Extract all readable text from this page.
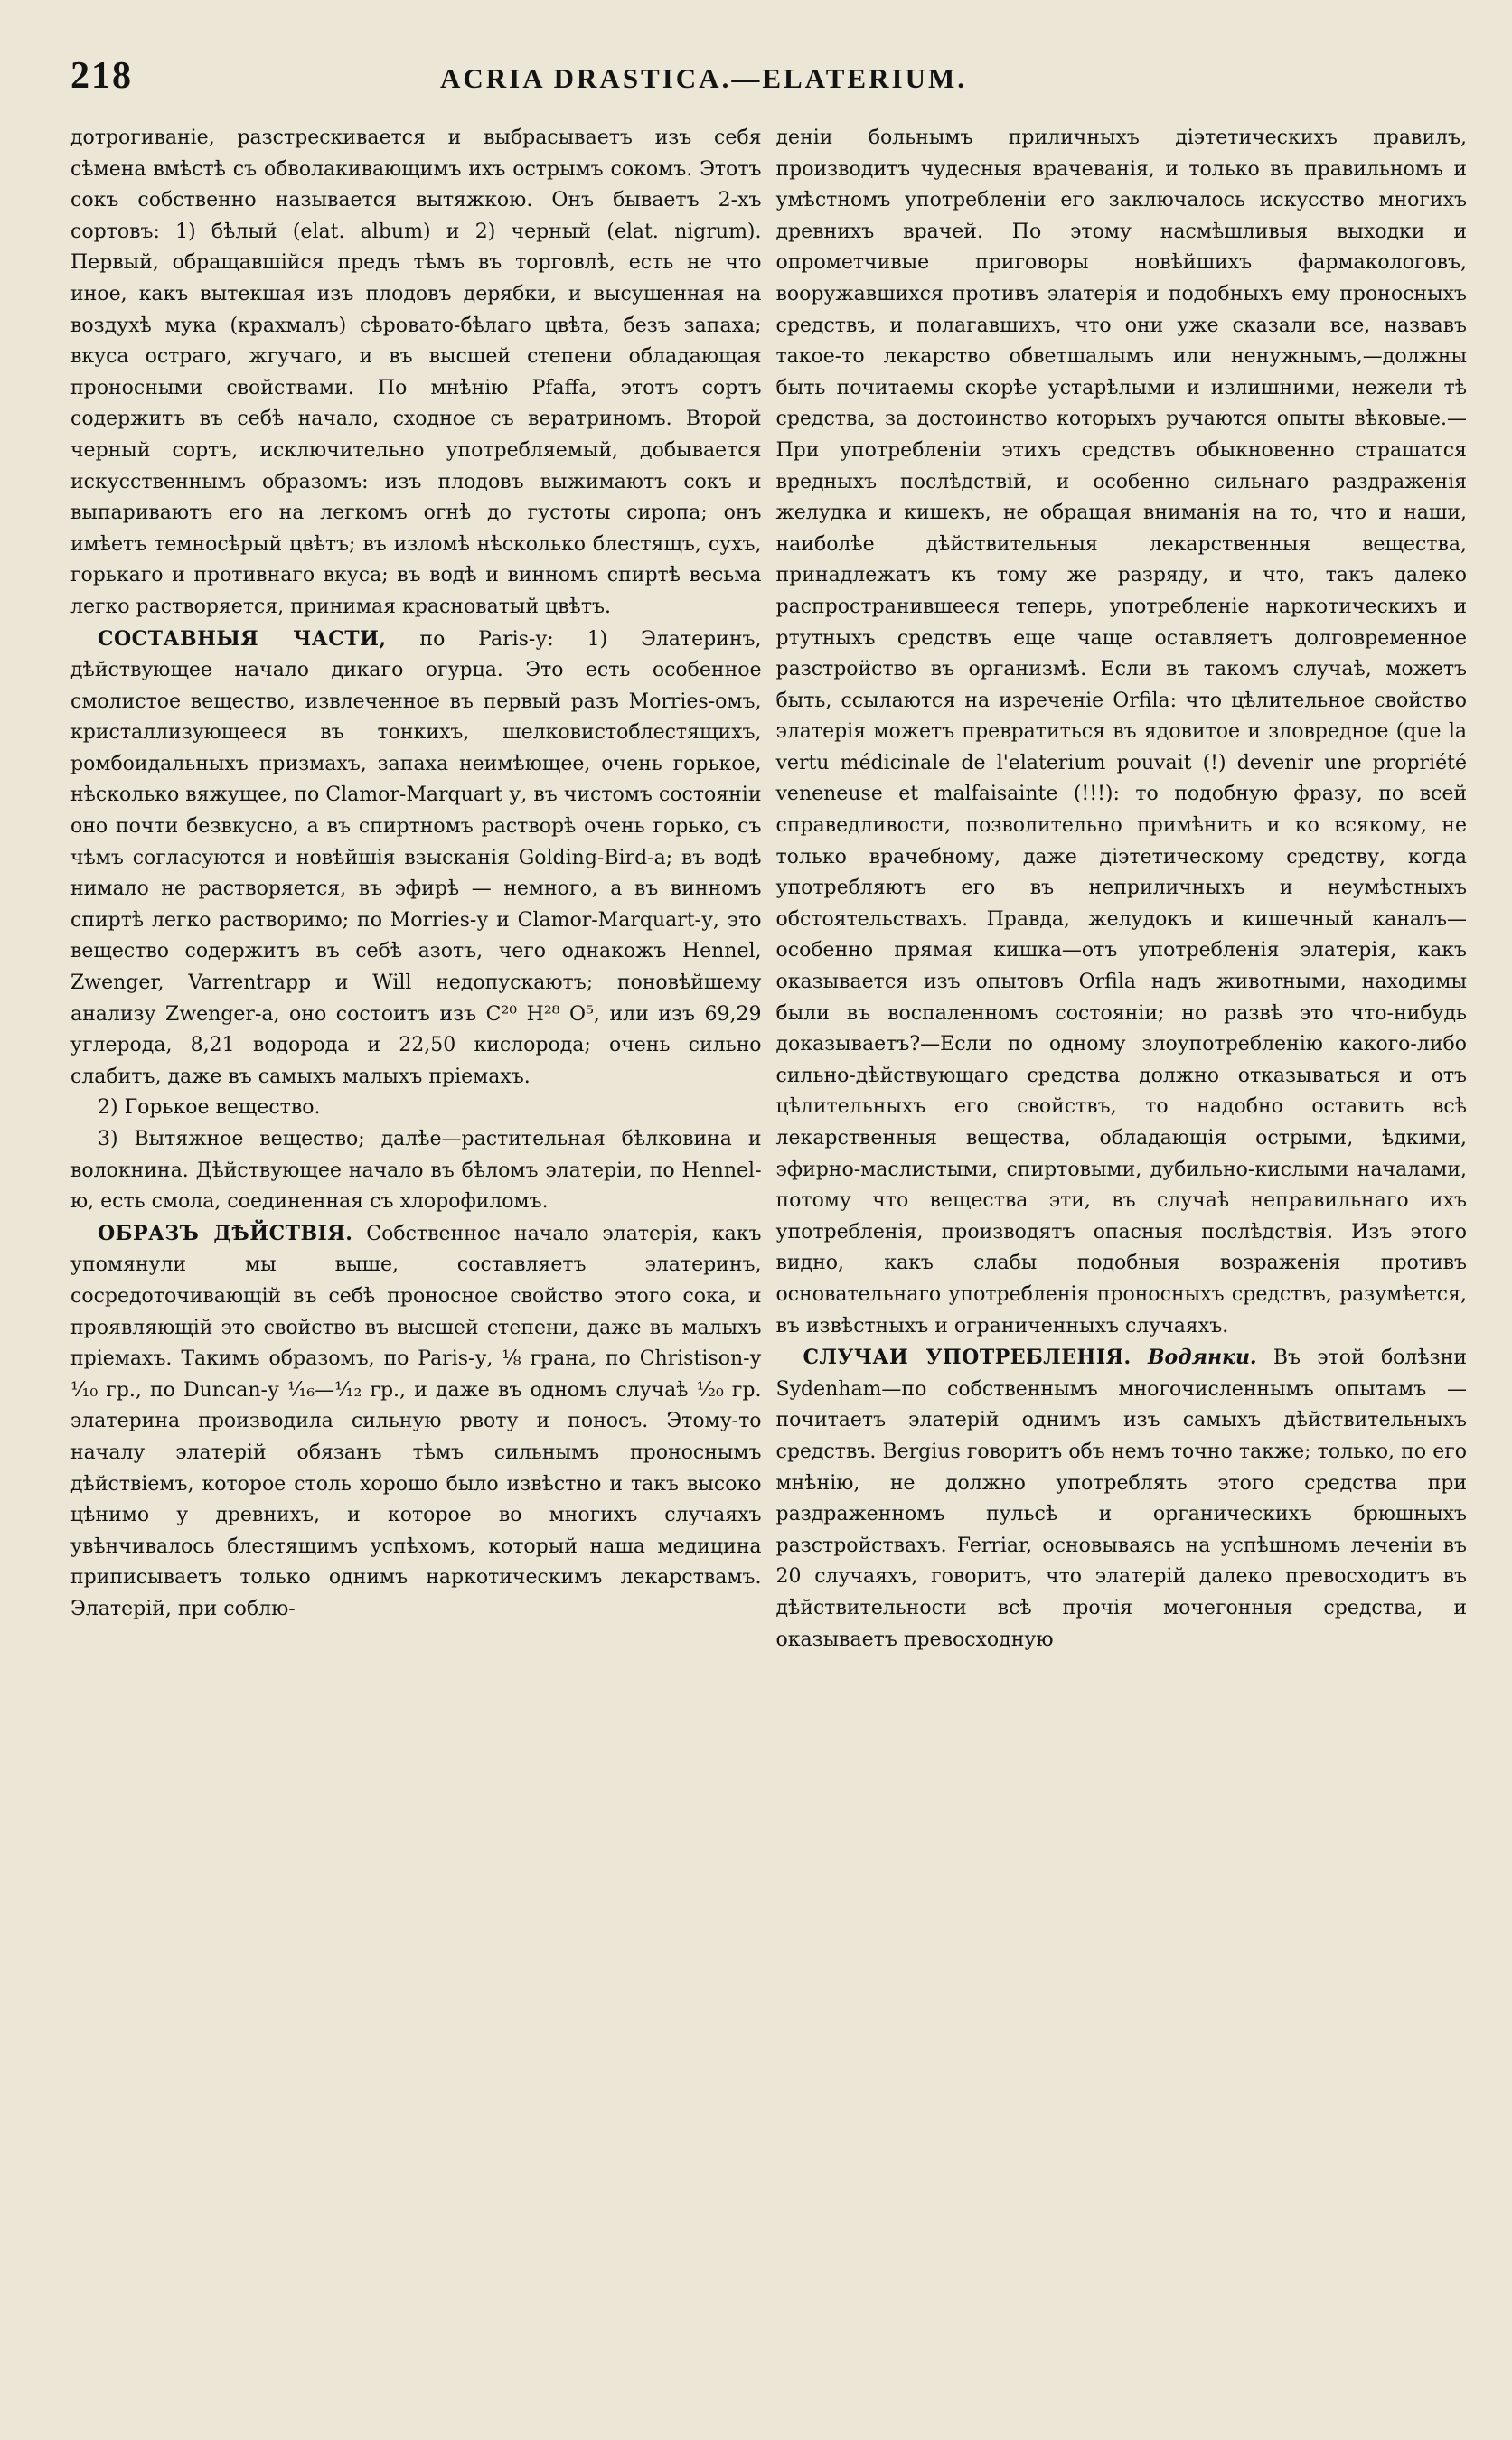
218	ACRIA DRASTICA.—ELATERIUM.

дотрогиваніе, разстрескивается и выбрасываетъ изъ себя сѣмена вмѣстѣ съ обволакивающимъ ихъ острымъ сокомъ. Этотъ сокъ собственно называется вытяжкою. Онъ бываетъ 2-хъ сортовъ: 1) бѣлый (elat. album) и 2) черный (elat. nigrum). Первый, обращавшійся предъ тѣмъ въ торговлѣ, есть не что иное, какъ вытекшая изъ плодовъ дерябки, и высушенная на воздухѣ мука (крахмалъ) сѣровато-бѣлаго цвѣта, безъ запаха; вкуса остраго, жгучаго, и въ высшей степени обладающая проносными свойствами. По мнѣнію Pfaffa, этотъ сортъ содержитъ въ себѣ начало, сходное съ вератриномъ. Второй черный сортъ, исключительно употребляемый, добывается искусственнымъ образомъ: изъ плодовъ выжимаютъ сокъ и выпариваютъ его на легкомъ огнѣ до густоты сиропа; онъ имѣетъ темносѣрый цвѣтъ; въ изломѣ нѣсколько блестящъ, сухъ, горькаго и противнаго вкуса; въ водѣ и винномъ спиртѣ весьма легко растворяется, принимая красноватый цвѣтъ.

СОСТАВНЫЯ ЧАСТИ, по Paris-у: 1) Элатеринъ, дѣйствующее начало дикаго огурца. Это есть особенное смолистое вещество, извлеченное въ первый разъ Morries-омъ, кристаллизующееся въ тонкихъ, шелковистоблестящихъ, ромбоидальныхъ призмахъ, запаха неимѣющее, очень горькое, нѣсколько вяжущее, по Clamor-Marquart у, въ чистомъ состояніи оно почти безвкусно, а въ спиртномъ растворѣ очень горько, съ чѣмъ согласуются и новѣйшія взысканія Golding-Bird-а; въ водѣ нимало не растворяется, въ эфирѣ — немного, а въ винномъ спиртѣ легко растворимо; по Morries-у и Clamor-Marquart-у, это вещество содержитъ въ себѣ азотъ, чего однакожъ Hennel, Zwenger, Varrentrapp и Will недопускаютъ; поновѣйшему анализу Zwenger-а, оно состоитъ изъ C²⁰ H²⁸ O⁵, или изъ 69,29 углерода, 8,21 водорода и 22,50 кислорода; очень сильно слабитъ, даже въ самыхъ малыхъ пріемахъ.

2) Горькое вещество.

3) Вытяжное вещество; далѣе—растительная бѣлковина и волокнина. Дѣйствующее начало въ бѣломъ элатеріи, по Hennel-ю, есть смола, соединенная съ хлорофиломъ.

ОБРАЗЪ ДѢЙСТВІЯ. Собственное начало элатерія, какъ упомянули мы выше, составляетъ элатеринъ, сосредоточивающій въ себѣ проносное свойство этого сока, и проявляющій это свойство въ высшей степени, даже въ малыхъ пріемахъ. Такимъ образомъ, по Paris-у, ⅛ грана, по Christison-у ¹⁄₁₀ гр., по Duncan-у ¹⁄₁₆—¹⁄₁₂ гр., и даже въ одномъ случаѣ ¹⁄₂₀ гр. элатерина производила сильную рвоту и поносъ. Этому-то началу элатерій обязанъ тѣмъ сильнымъ проноснымъ дѣйствіемъ, которое столь хорошо было извѣстно и такъ высоко цѣнимо у древнихъ, и которое во многихъ случаяхъ увѣнчивалось блестящимъ успѣхомъ, который наша медицина приписываетъ только однимъ наркотическимъ лекарствамъ. Элатерій, при соблю-

деніи больнымъ приличныхъ діэтетическихъ правилъ, производитъ чудесныя врачеванія, и только въ правильномъ и умѣстномъ употребленіи его заключалось искусство многихъ древнихъ врачей. По этому насмѣшливыя выходки и опрометчивые приговоры новѣйшихъ фармакологовъ, вооружавшихся противъ элатерія и подобныхъ ему проносныхъ средствъ, и полагавшихъ, что они уже сказали все, назвавъ такое-то лекарство обветшалымъ или ненужнымъ,—должны быть почитаемы скорѣе устарѣлыми и излишними, нежели тѣ средства, за достоинство которыхъ ручаются опыты вѣковые.— При употребленіи этихъ средствъ обыкновенно страшатся вредныхъ послѣдствій, и особенно сильнаго раздраженія желудка и кишекъ, не обращая вниманія на то, что и наши, наиболѣе дѣйствительныя лекарственныя вещества, принадлежатъ къ тому же разряду, и что, такъ далеко распространившееся теперь, употребленіе наркотическихъ и ртутныхъ средствъ еще чаще оставляетъ долговременное разстройство въ организмѣ. Если въ такомъ случаѣ, можетъ быть, ссылаются на изреченіе Orfila: что цѣлительное свойство элатерія можетъ превратиться въ ядовитое и зловредное (que la vertu médicinale de l'elaterium pouvait (!) devenir une propriété veneneuse et malfaisainte (!!!): то подобную фразу, по всей справедливости, позволительно примѣнить и ко всякому, не только врачебному, даже діэтетическому средству, когда употребляютъ его въ неприличныхъ и неумѣстныхъ обстоятельствахъ. Правда, желудокъ и кишечный каналъ—особенно прямая кишка—отъ употребленія элатерія, какъ оказывается изъ опытовъ Orfila надъ животными, находимы были въ воспаленномъ состояніи; но развѣ это что-нибудь доказываетъ?—Если по одному злоупотребленію какого-либо сильно-дѣйствующаго средства должно отказываться и отъ цѣлительныхъ его свойствъ, то надобно оставить всѣ лекарственныя вещества, обладающія острыми, ѣдкими, эфирно-маслистыми, спиртовыми, дубильно-кислыми началами, потому что вещества эти, въ случаѣ неправильнаго ихъ употребленія, производятъ опасныя послѣдствія. Изъ этого видно, какъ слабы подобныя возраженія противъ основательнаго употребленія проносныхъ средствъ, разумѣется, въ извѣстныхъ и ограниченныхъ случаяхъ.

СЛУЧАИ УПОТРЕБЛЕНІЯ. Водянки. Въ этой болѣзни Sydenham—по собственнымъ многочисленнымъ опытамъ — почитаетъ элатерій однимъ изъ самыхъ дѣйствительныхъ средствъ. Bergius говоритъ объ немъ точно также; только, по его мнѣнію, не должно употреблять этого средства при раздраженномъ пульсѣ и органическихъ брюшныхъ разстройствахъ. Ferriar, основываясь на успѣшномъ леченіи въ 20 случаяхъ, говоритъ, что элатерій далеко превосходитъ въ дѣйствительности всѣ прочія мочегонныя средства, и оказываетъ превосходную
